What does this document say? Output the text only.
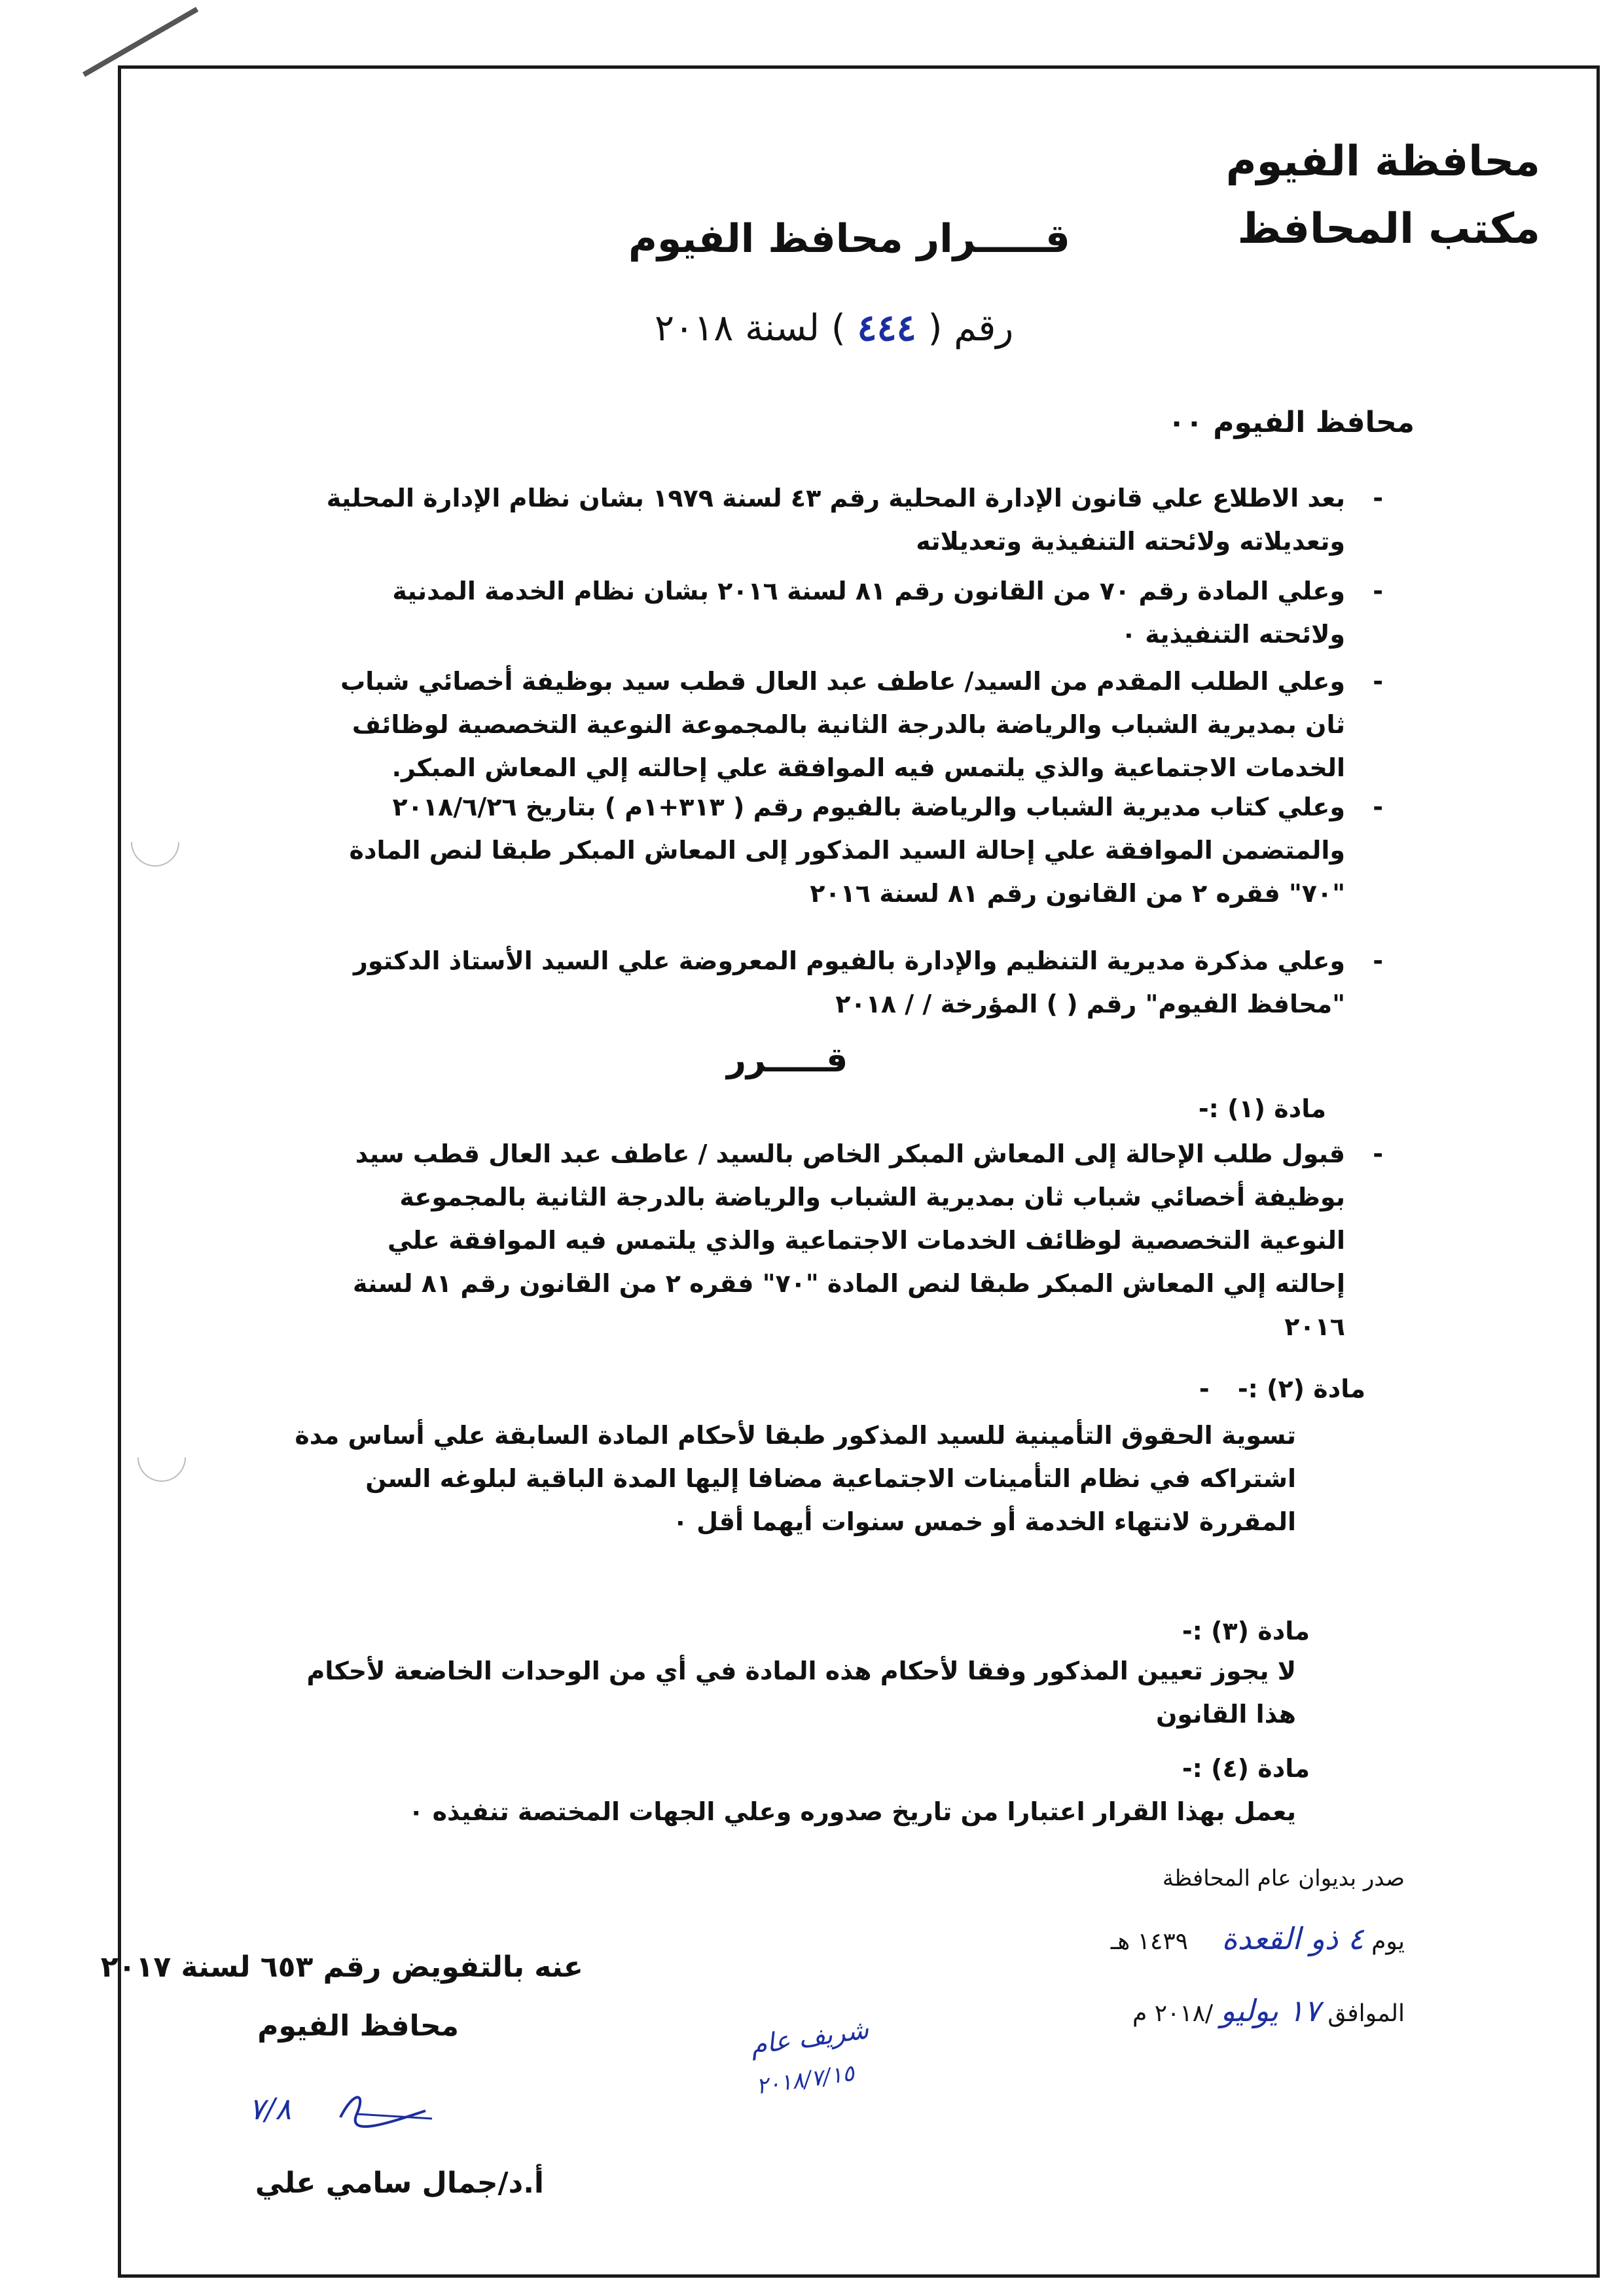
محافظة الفيوم
مكتب المحافظ
قـــــرار محافظ الفيوم
رقم ( ٤٤٤ ) لسنة ٢٠١٨
محافظ الفيوم ٠٠
-
بعد الاطلاع علي قانون الإدارة المحلية رقم ٤٣ لسنة ١٩٧٩ بشان نظام الإدارة المحلية وتعديلاته ولائحته التنفيذية وتعديلاته
-
وعلي المادة رقم ٧٠ من القانون رقم ٨١ لسنة ٢٠١٦ بشان نظام الخدمة المدنية ولائحته التنفيذية ٠
-
وعلي الطلب المقدم من السيد/ عاطف عبد العال قطب سيد بوظيفة أخصائي شباب ثان بمديرية الشباب والرياضة بالدرجة الثانية بالمجموعة النوعية التخصصية لوظائف الخدمات الاجتماعية والذي يلتمس فيه الموافقة علي إحالته إلي المعاش المبكر.
-
وعلي كتاب مديرية الشباب والرياضة بالفيوم رقم ( ٣١٣+١م ) بتاريخ ٢٠١٨/٦/٢٦ والمتضمن الموافقة علي إحالة السيد المذكور إلى المعاش المبكر طبقا لنص المادة "٧٠" فقره ٢ من القانون رقم ٨١ لسنة ٢٠١٦
-
وعلي مذكرة مديرية التنظيم والإدارة بالفيوم المعروضة علي السيد الأستاذ الدكتور "محافظ الفيوم" رقم ( ) المؤرخة / / ٢٠١٨
قـــــرر
مادة (١) :-
-
قبول طلب الإحالة إلى المعاش المبكر الخاص بالسيد / عاطف عبد العال قطب سيد بوظيفة أخصائي شباب ثان بمديرية الشباب والرياضة بالدرجة الثانية بالمجموعة النوعية التخصصية لوظائف الخدمات الاجتماعية والذي يلتمس فيه الموافقة علي إحالته إلي المعاش المبكر طبقا لنص المادة "٧٠" فقره ٢ من القانون رقم ٨١ لسنة ٢٠١٦
مادة (٢) :- -
تسوية الحقوق التأمينية للسيد المذكور طبقا لأحكام المادة السابقة علي أساس مدة اشتراكه في نظام التأمينات الاجتماعية مضافا إليها المدة الباقية لبلوغه السن المقررة لانتهاء الخدمة أو خمس سنوات أيهما أقل ٠
مادة (٣) :-
لا يجوز تعيين المذكور وفقا لأحكام هذه المادة في أي من الوحدات الخاضعة لأحكام هذا القانون
مادة (٤) :-
يعمل بهذا القرار اعتبارا من تاريخ صدوره وعلي الجهات المختصة تنفيذه ٠
صدر بديوان عام المحافظة
يوم ٤ ذو القعدة ١٤٣٩ هـ
الموافق ١٧ يوليو /٢٠١٨ م
شريف عام
٢٠١٨/٧/١٥
عنه بالتفويض رقم ٦٥٣ لسنة ٢٠١٧
محافظ الفيوم
٧/٨
أ.د/جمال سامي علي
